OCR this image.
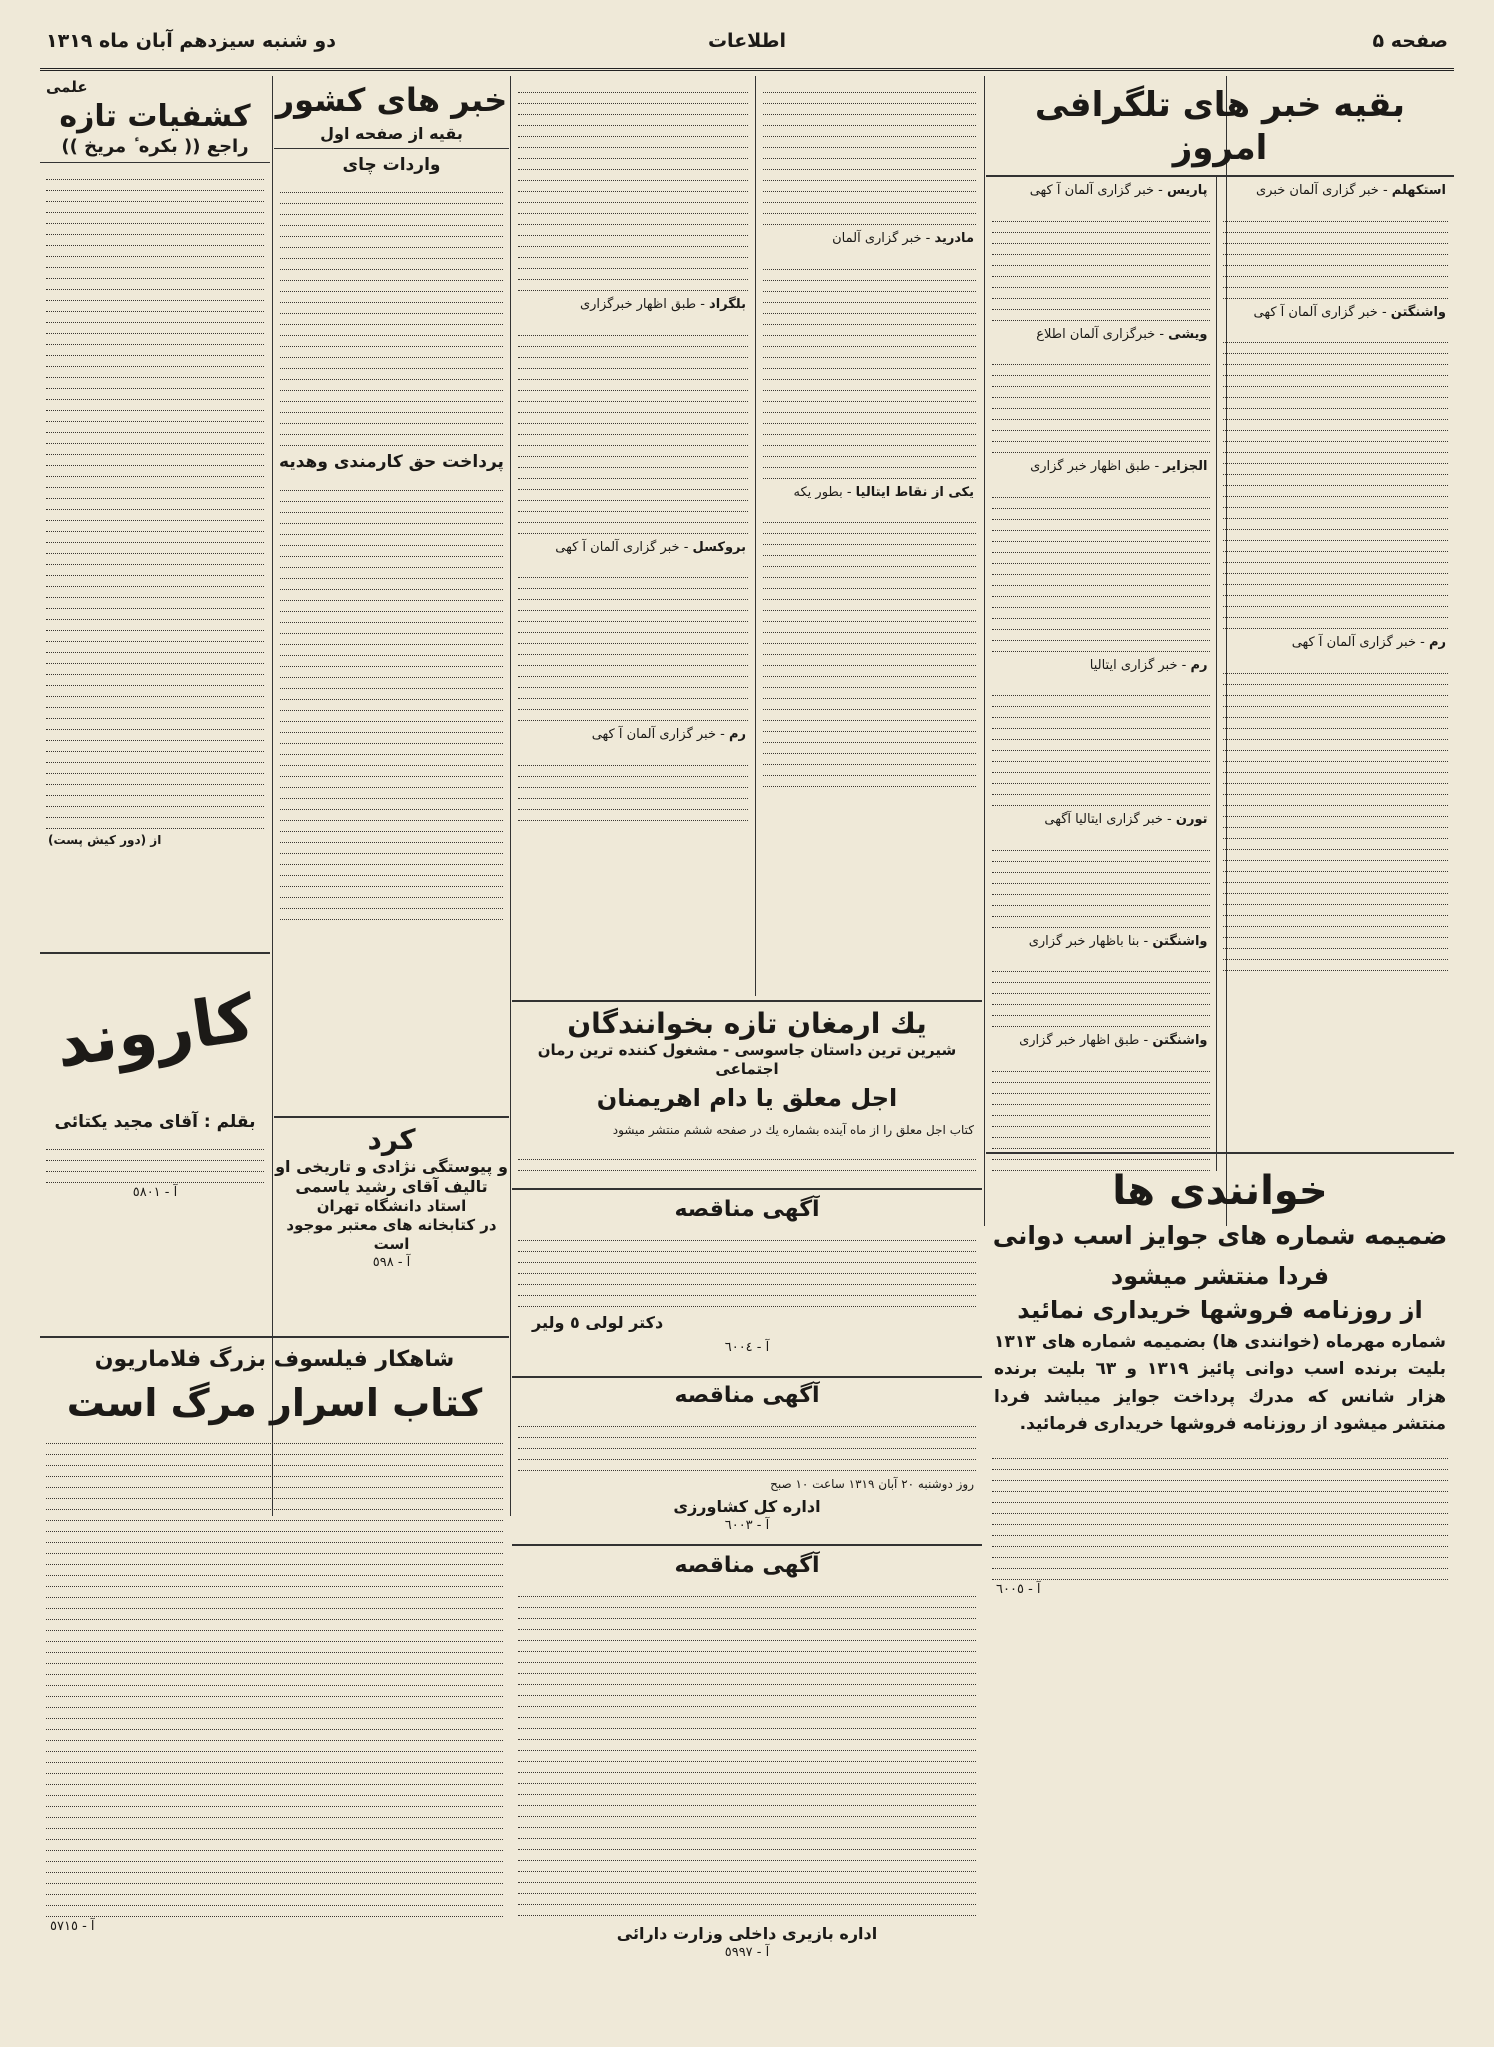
صفحه ۵
اطلاعات
دو شنبه سیزدهم آبان ماه ۱۳۱۹
بقیه خبر های تلگرافی امروز
استکهلم - خبر گزاری آلمان خبری
واشنگتن - خبر گزاری آلمان آ کهی
رم - خبر گزاری آلمان آ کهی
پاریس - خبر گزاری آلمان آ کهی
ویشی - خبرگزاری آلمان اطلاع
الجزایر - طبق اظهار خبر گزاری
رم - خبر گزاری ایتالیا
تورن - خبر گزاری ایتالیا آگهی
واشنگتن - بنا باظهار خبر گزاری
واشنگتن - طبق اظهار خبر گزاری
مادرید - خبر گزاری آلمان
یکی از نقاط ایتالیا - بطور یکه
بلگراد - طبق اظهار خبرگزاری
بروکسل - خبر گزاری آلمان آ کهی
رم - خبر گزاری آلمان آ کهی
خبر های کشور
بقیه از صفحه اول
واردات چای
پرداخت حق کارمندی وهدیه
علمی
کشفیات تازه
راجع (( بکره ٔ مریخ ))
از (دور کیش پست)
یك ارمغان تازه بخوانندگان
شیرین ترین داستان جاسوسی - مشغول کننده ترین رمان اجتماعی
اجل معلق یا دام اهریمنان
کتاب اجل معلق را از ماه آینده بشماره یك در صفحه ششم منتشر میشود
آگهی مناقصه
دکتر لولی ٥ ولیر
آ - ٦٠٠٤
آگهی مناقصه
روز دوشنبه ٢٠ آبان ١٣١٩ ساعت ١٠ صبح
اداره کل کشاورزی
آ - ٦٠٠٣
آگهی مناقصه
اداره بازیری داخلی وزارت دارائی
آ - ٥٩٩٧
کرد
و پیوستگی نژادی و تاریخی او
تالیف آقای رشید یاسمی
استاد دانشگاه تهران
در کتابخانه های معتبر موجود است
آ - ٥٩٨
کاروند
بقلم : آقای مجید یکتائی
آ - ٥٨٠١
شاهکار فیلسوف بزرگ فلاماریون
کتاب اسرار مرگ است
آ - ٥٧١٥
خوانندی ها
ضمیمه شماره های جوایز اسب دوانی
فردا منتشر میشود
از روزنامه فروشها خریداری نمائید
شماره مهرماه (خوانندی ها) بضمیمه شماره های ١٣١٣ بلیت برنده اسب دوانی پائیز ١٣١٩ و ٦٣ بلیت برنده هزار شانس که مدرك پرداخت جوایز میباشد فردا منتشر میشود از روزنامه فروشها خریداری فرمائید.
آ - ٦٠٠٥
